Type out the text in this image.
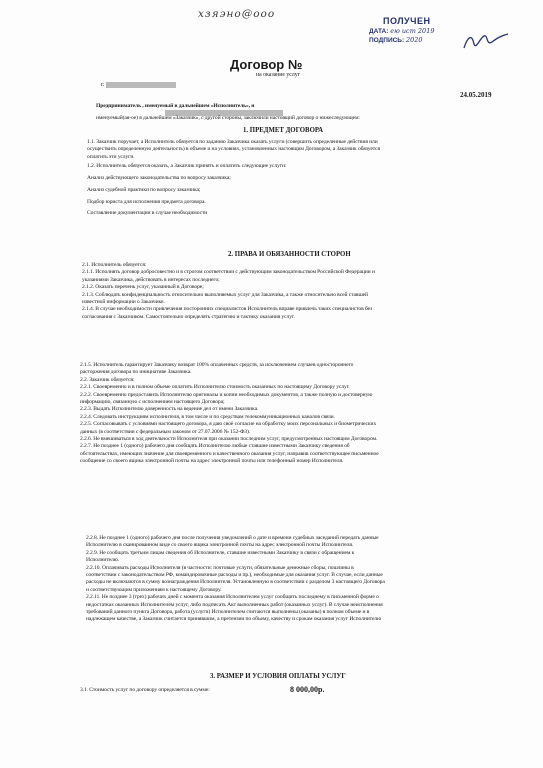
хзяэно@ооо
ПОЛУЧЕН
ДАТА: ею ист 2019
ПОДПИСЬ: 2020
Договор №
на оказание услуг
г.
24.05.2019
Предприниматель , именуемый в дальнейшем «Исполнитель», и
именуемый(ая-ое) в дальнейшем «Заказчик», с другой стороны, заключили настоящий договор о нижеследующем:
1. ПРЕДМЕТ ДОГОВОРА
1.1. Заказчик поручает, а Исполнитель обязуется по заданию Заказчика оказать услуги (совершить определенные действия или
осуществить определенную деятельность) в объеме и на условиях, установленных настоящим Договором, а Заказчик обязуется
оплатить эти услуги.
1.2. Исполнитель обязуется оказать, а Заказчик принять и оплатить следующие услуги:
Анализ действующего законодательства по вопросу заказчика;
Анализ судебной практики по вопросу заказчика;
Подбор юриста для исполнения предмета договора.
Составление документации в случае необходимости
2. ПРАВА И ОБЯЗАННОСТИ СТОРОН
2.1. Исполнитель обязуется:
2.1.1. Исполнять договор добросовестно и в строгом соответствии с действующим законодательством Российской Федерации и
указаниями Заказчика, действовать в интересах последнего;
2.1.2. Оказать перечень услуг, указанный в Договоре;
2.1.3. Соблюдать конфиденциальность относительно выполняемых услуг для Заказчика, а также относительно всей ставшей
известной информации о Заказчике.
2.1.4. В случае необходимости привлечения посторонних специалистов Исполнитель вправе привлечь таких специалистов без
согласования с Заказчиком. Самостоятельно определять стратегию и тактику оказания услуг.
2.1.5. Исполнитель гарантирует Заказчику возврат 100% оплаченных средств, за исключением случаев одностороннего
расторжения договора по инициативе Заказчика.
2.2. Заказчик обязуется:
2.2.1. Своевременно и в полном объеме оплатить Исполнителю стоимость оказанных по настоящему Договору услуг.
2.2.2. Своевременно предоставить Исполнителю оригиналы и копии необходимых документов, а также полную и достоверную
информацию, связанную с исполнением настоящего Договора;
2.2.3. Выдать Исполнителю доверенность на ведение дел от имени Заказчика.
2.2.4. Следовать инструкциям исполнителя, в том числе и по средствам телекоммуникационных каналов связи.
2.2.5. Согласовывать с условиями настоящего договора, я даю своё согласие на обработку моих персональных и биометрических
данных (в соответствии с федеральным законом от 27.07.2006 № 152-ФЗ).
2.2.6. Не вмешиваться в ход деятельности Исполнителя при оказании последним услуг, предусмотренных настоящим Договором.
2.2.7. Не позднее 1 (одного) рабочего дня сообщать Исполнителю любые ставшие известными Заказчику сведения об
обстоятельствах, имеющих значение для своевременного и качественного оказания услуг, направив соответствующее письменное
сообщение со своего ящика электронной почты на адрес электронной почты или телефонный номер Исполнителя.
2.2.8. Не позднее 1 (одного) рабочего дня после получения уведомлений о дате и времени судебных заседаний передать данные
Исполнителю в сканированном виде со своего ящика электронной почты на адрес электронной почты Исполнителя.
2.2.9. Не сообщать третьим лицам сведения об Исполнителе, ставшие известными Заказчику в связи с обращением к
Исполнителю.
2.2.10. Оплачивать расходы Исполнителя (в частности: почтовые услуги, обязательные денежные сборы, пошлины в
соответствии с законодательством РФ, командировочные расходы и пр.), необходимые для оказания услуг. В случае, если данные
расходы не включаются в сумму вознаграждения Исполнителя. Установленную в соответствии с разделом 3 настоящего Договора
и соответствующим приложениям к настоящему Договору.
2.2.11. Не позднее 3 (трех) рабочих дней с момента оказания Исполнителем услуг сообщить последнему в письменной форме о
недостатках оказанных Исполнителем услуг, либо подписать Акт выполненных работ (оказанных услуг). В случае неисполнения
требований данного пункта Договора, работа (услуги) Исполнителем считаются выполнены (оказаны) в полном объеме и в
надлежащем качестве, а Заказчик считается принявшим, а претензии по объему, качеству и срокам оказания услуг Исполнителю
3. РАЗМЕР И УСЛОВИЯ ОПЛАТЫ УСЛУГ
3.1. Стоимость услуг по договору определяется в сумме:	8 000,00р.
